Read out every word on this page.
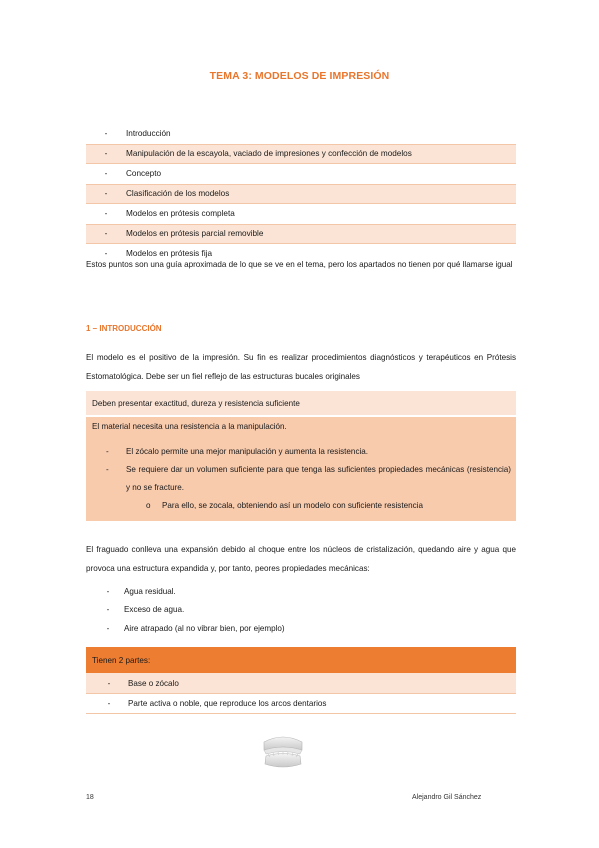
TEMA 3: MODELOS DE IMPRESIÓN
-	Introducción
-	Manipulación de la escayola, vaciado de impresiones y confección de modelos
-	Concepto
-	Clasificación de los modelos
-	Modelos en prótesis completa
-	Modelos en prótesis parcial removible
-	Modelos en prótesis fija
Estos puntos son una guía aproximada de lo que se ve en el tema, pero los apartados no tienen por qué llamarse igual
1 – INTRODUCCIÓN
El modelo es el positivo de la impresión. Su fin es realizar procedimientos diagnósticos y terapéuticos en Prótesis Estomatológica. Debe ser un fiel reflejo de las estructuras bucales originales
Deben presentar exactitud, dureza y resistencia suficiente
El material necesita una resistencia a la manipulación.
- El zócalo permite una mejor manipulación y aumenta la resistencia.
- Se requiere dar un volumen suficiente para que tenga las suficientes propiedades mecánicas (resistencia) y no se fracture.
o Para ello, se zocala, obteniendo así un modelo con suficiente resistencia
El fraguado conlleva una expansión debido al choque entre los núcleos de cristalización, quedando aire y agua que provoca una estructura expandida y, por tanto, peores propiedades mecánicas:
-	Agua residual.
-	Exceso de agua.
-	Aire atrapado (al no vibrar bien, por ejemplo)
Tienen 2 partes:
-	Base o zócalo
-	Parte activa o noble, que reproduce los arcos dentarios
18	Alejandro Gil Sánchez
